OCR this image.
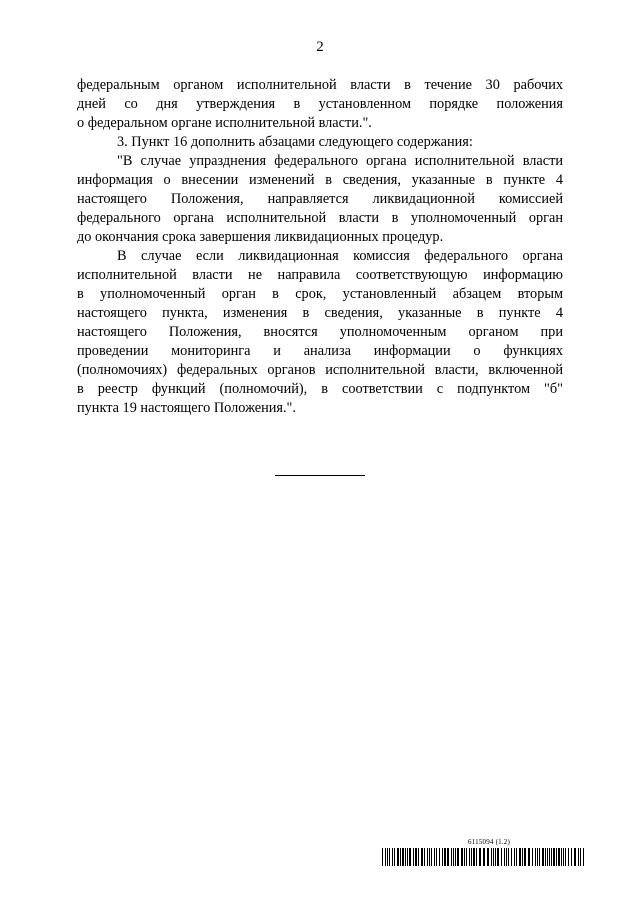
2

федеральным органом исполнительной власти в течение 30 рабочих
дней со дня утверждения в установленном порядке положения
о федеральном органе исполнительной власти.".
3. Пункт 16 дополнить абзацами следующего содержания:
"В случае упразднения федерального органа исполнительной власти
информация о внесении изменений в сведения, указанные в пункте 4
настоящего Положения, направляется ликвидационной комиссией
федерального органа исполнительной власти в уполномоченный орган
до окончания срока завершения ликвидационных процедур.
В случае если ликвидационная комиссия федерального органа
исполнительной власти не направила соответствующую информацию
в уполномоченный орган в срок, установленный абзацем вторым
настоящего пункта, изменения в сведения, указанные в пункте 4
настоящего Положения, вносятся уполномоченным органом при
проведении мониторинга и анализа информации о функциях
(полномочиях) федеральных органов исполнительной власти, включенной
в реестр функций (полномочий), в соответствии с подпунктом "б"
пункта 19 настоящего Положения.".

6115094 (1.2)
